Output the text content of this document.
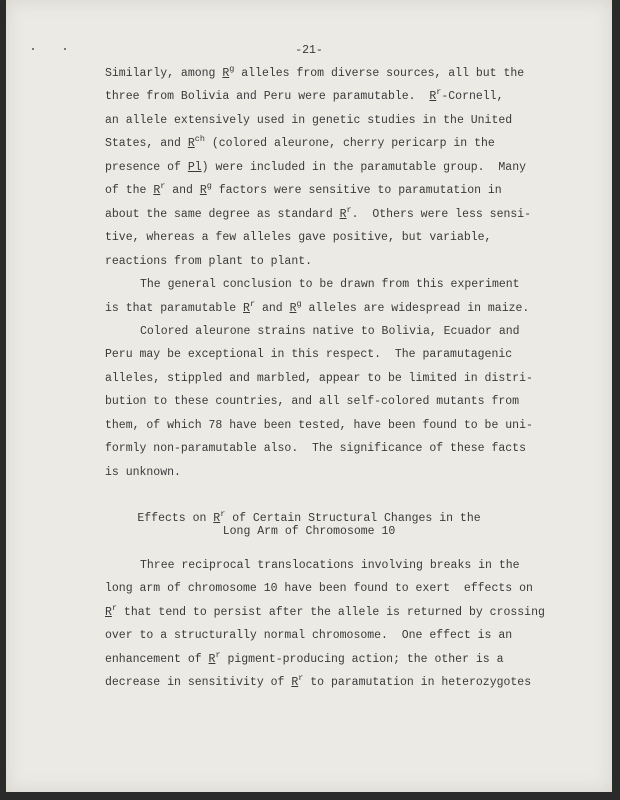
-21-
Similarly, among $R^g$ alleles from diverse sources, all but the
three from Bolivia and Peru were paramutable.  $R^r$-Cornell,
an allele extensively used in genetic studies in the United
States, and $R^{ch}$ (colored aleurone, cherry pericarp in the
presence of Pl) were included in the paramutable group.  Many
of the $R^r$ and $R^g$ factors were sensitive to paramutation in
about the same degree as standard $R^r$.  Others were less sensi-
tive, whereas a few alleles gave positive, but variable,
reactions from plant to plant.
The general conclusion to be drawn from this experiment
is that paramutable $R^r$ and $R^g$ alleles are widespread in maize.
Colored aleurone strains native to Bolivia, Ecuador and
Peru may be exceptional in this respect.  The paramutagenic
alleles, stippled and marbled, appear to be limited in distri-
bution to these countries, and all self-colored mutants from
them, of which 78 have been tested, have been found to be uni-
formly non-paramutable also.  The significance of these facts
is unknown.
Effects on $R^r$ of Certain Structural Changes in the
Long Arm of Chromosome 10
Three reciprocal translocations involving breaks in the
long arm of chromosome 10 have been found to exert  effects on
$R^r$ that tend to persist after the allele is returned by crossing
over to a structurally normal chromosome.  One effect is an
enhancement of $R^r$ pigment-producing action; the other is a
decrease in sensitivity of $R^r$ to paramutation in heterozygotes
